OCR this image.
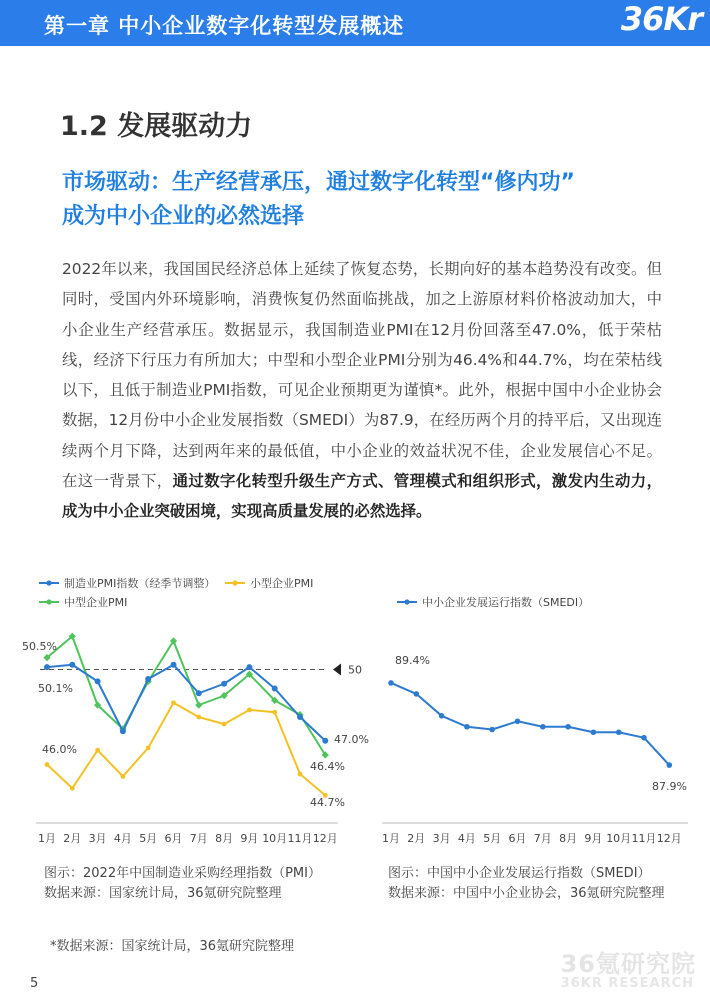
第一章 中小企业数字化转型发展概述	36Kr
1.2 发展驱动力
市场驱动：生产经营承压，通过数字化转型“修内功”
成为中小企业的必然选择
2022年以来，我国国民经济总体上延续了恢复态势，长期向好的基本趋势没有改变。但同时，受国内外环境影响，消费恢复仍然面临挑战，加之上游原材料价格波动加大，中小企业生产经营承压。数据显示，我国制造业PMI在12月份回落至47.0%，低于荣枯线，经济下行压力有所加大；中型和小型企业PMI分别为46.4%和44.7%，均在荣枯线以下，且低于制造业PMI指数，可见企业预期更为谨慎*。此外，根据中国中小企业协会数据，12月份中小企业发展指数（SMEDI）为87.9，在经历两个月的持平后，又出现连续两个月下降，达到两年来的最低值，中小企业的效益状况不佳，企业发展信心不足。在这一背景下，通过数字化转型升级生产方式、管理模式和组织形式，激发内生动力，成为中小企业突破困境，实现高质量发展的必然选择。
制造业PMI指数（经季节调整）	小型企业PMI
中型企业PMI	中小企业发展运行指数（SMEDI）
1月 2月 3月 4月 5月 6月 7月 8月 9月 10月 11月 12月
50
50.5%
50.1%
46.0%
47.0%
46.4%
44.7%
1月 2月 3月 4月 5月 6月 7月 8月 9月 10月 11月 12月
89.4%
87.9%
图示：2022年中国制造业采购经理指数（PMI）
数据来源：国家统计局，36氪研究院整理
图示：中国中小企业发展运行指数（SMEDI）
数据来源：中国中小企业协会，36氪研究院整理
*数据来源：国家统计局，36氪研究院整理
5
36氪研究院
36KR RESEARCH
